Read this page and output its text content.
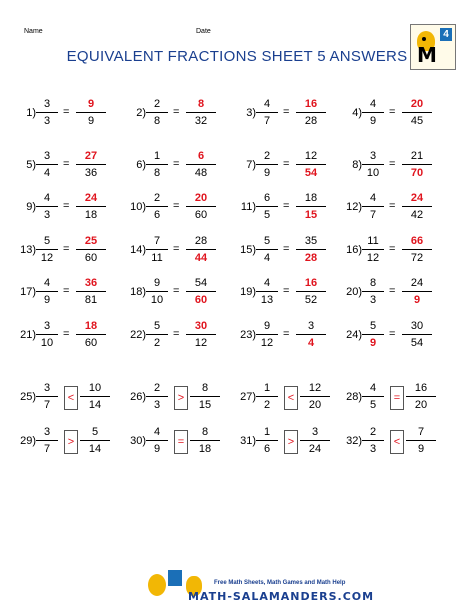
Name	Date	4
M
EQUIVALENT FRACTIONS SHEET 5 ANSWERS
1)
3
3
=
9
9
2)
2
8
=
8
32
3)
4
7
=
16
28
4)
4
9
=
20
45
5)
3
4
=
27
36
6)
1
8
=
6
48
7)
2
9
=
12
54
8)
3
10
=
21
70
9)
4
3
=
24
18
10)
2
6
=
20
60
11)
6
5
=
18
15
12)
4
7
=
24
42
13)
5
12
=
25
60
14)
7
11
=
28
44
15)
5
4
=
35
28
16)
11
12
=
66
72
17)
4
9
=
36
81
18)
9
10
=
54
60
19)
4
13
=
16
52
20)
8
3
=
24
9
21)
3
10
=
18
60
22)
5
2
=
30
12
23)
9
12
=
3
4
24)
5
9
=
30
54
25)
3
7
<
10
14
26)
2
3
>
8
15
27)
1
2
<
12
20
28)
4
5
=
16
20
29)
3
7
>
5
14
30)
4
9
=
8
18
31)
1
6
>
3
24
32)
2
3
<
7
9
Free Math Sheets, Math Games and Math Help
MATH-SALAMANDERS.COM
